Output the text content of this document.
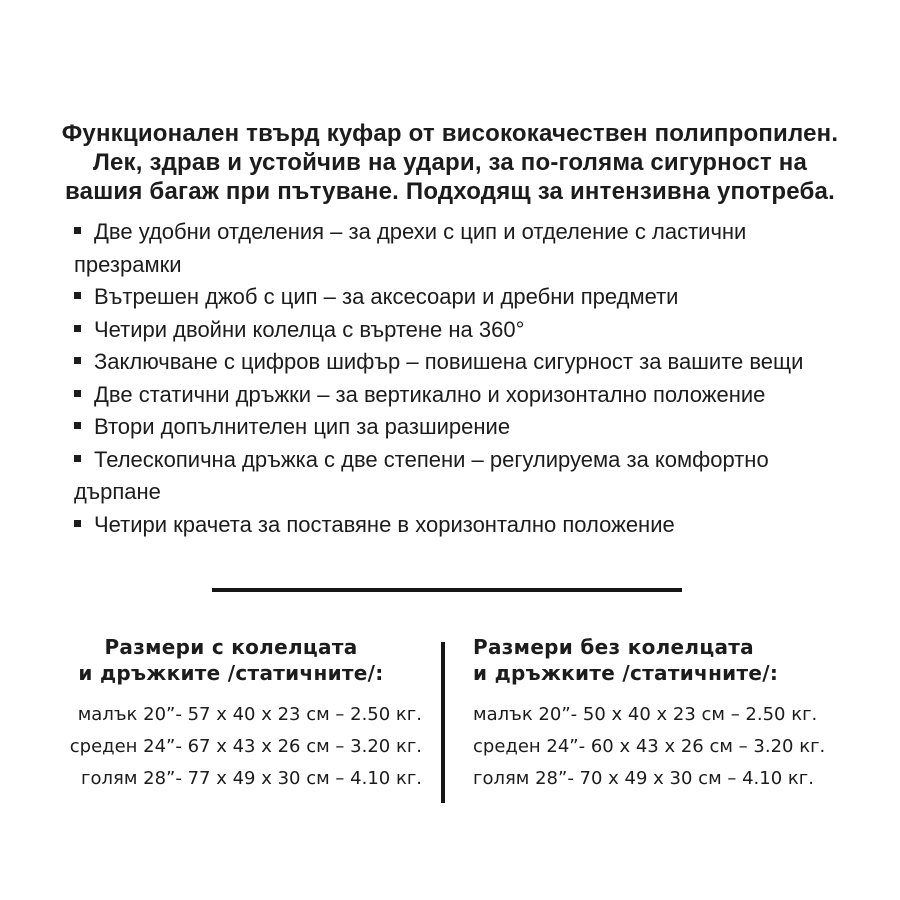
Функционален твърд куфар от висококачествен полипропилен.
Лек, здрав и устойчив на удари, за по-голяма сигурност на
вашия багаж при пътуване. Подходящ за интензивна употреба.
Две удобни отделения – за дрехи с цип и отделение с ластични презрамки
Вътрешен джоб с цип – за аксесоари и дребни предмети
Четири двойни колелца с въртене на 360°
Заключване с цифров шифър – повишена сигурност за вашите вещи
Две статични дръжки – за вертикално и хоризонтално положение
Втори допълнителен цип за разширение
Телескопична дръжка с две степени – регулируема за комфортно дърпане
Четири крачета за поставяне в хоризонтално положение
Размери с колелцата
и дръжките /статичните/:
малък 20”- 57 х 40 х 23 см – 2.50 кг.
среден 24”- 67 х 43 х 26 см – 3.20 кг.
голям 28”- 77 х 49 х 30 см – 4.10 кг.
Размери без колелцата
и дръжките /статичните/:
малък 20”- 50 х 40 х 23 см – 2.50 кг.
среден 24”- 60 х 43 х 26 см – 3.20 кг.
голям 28”- 70 х 49 х 30 см – 4.10 кг.
